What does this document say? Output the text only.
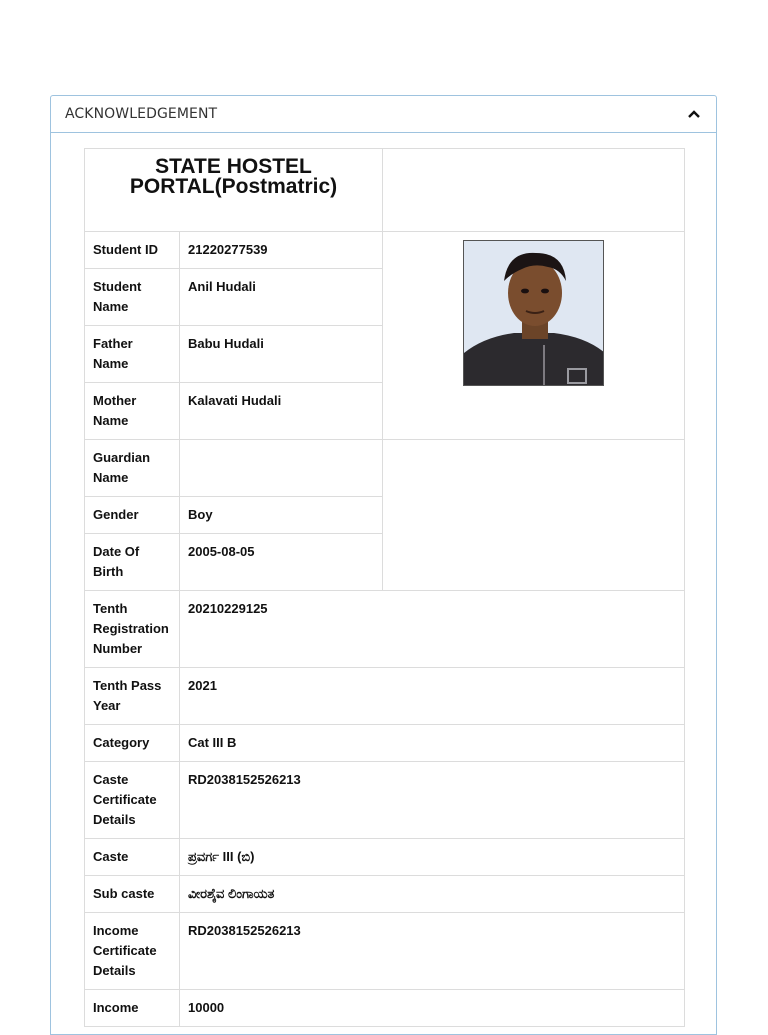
ACKNOWLEDGEMENT
STATE HOSTEL
PORTAL(Postmatric)		
Student ID	21220277539	
Student Name	Anil Hudali	
Father Name	Babu Hudali	
Mother Name	Kalavati Hudali	
Guardian Name		
Gender	Boy	
Date Of Birth	2005-08-05	
Tenth Registration Number	20210229125	
Tenth Pass Year	2021	
Category	Cat III B	
Caste Certificate Details	RD2038152526213	
Caste	ಪ್ರವರ್ಗ III (ಬಿ)	
Sub caste	ವೀರಶೈವ ಲಿಂಗಾಯತ	
Income Certificate Details	RD2038152526213	
Income	10000	
